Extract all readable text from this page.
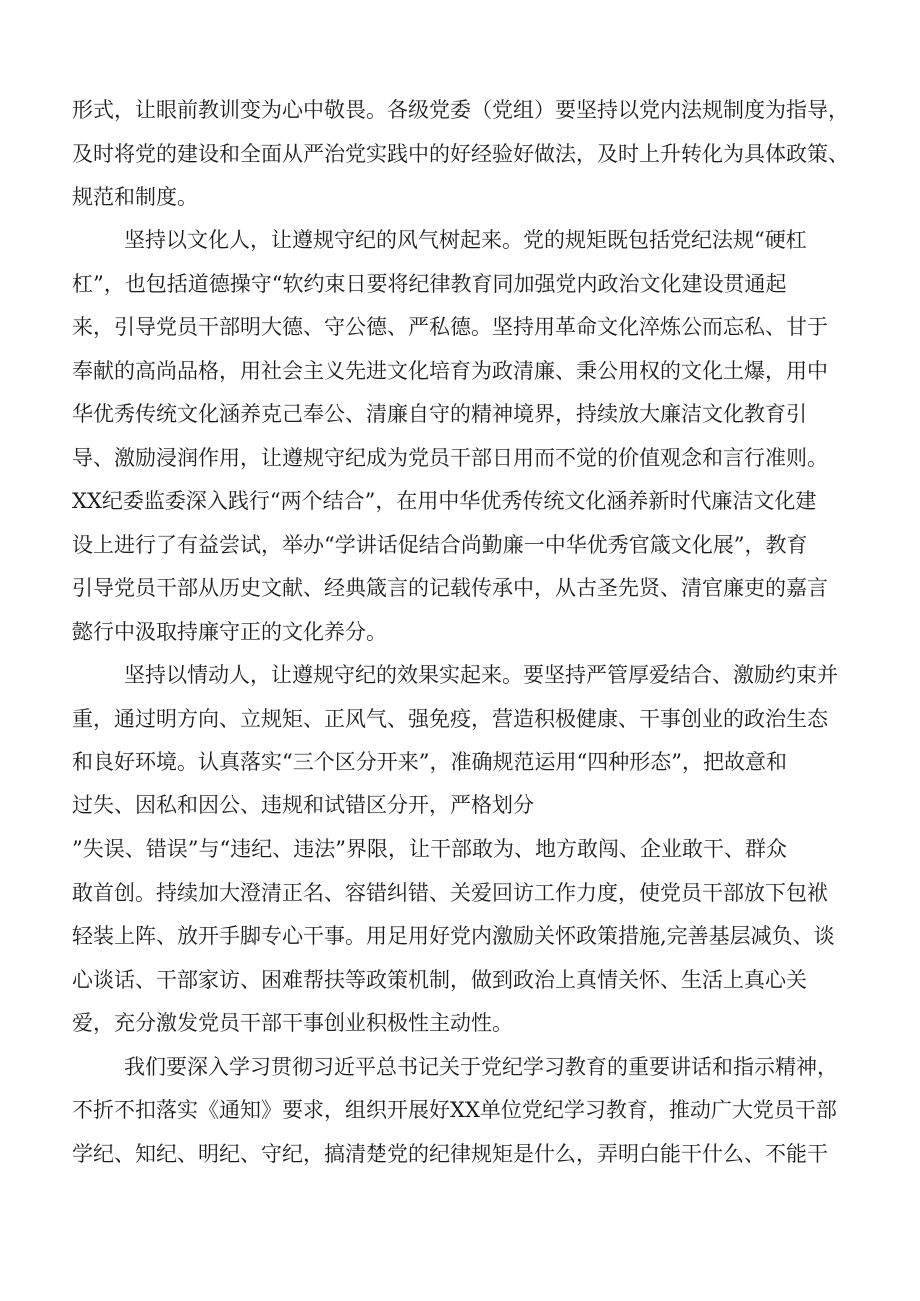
形式，让眼前教训变为心中敬畏。各级党委（党组）要坚持以党内法规制度为指导，
及时将党的建设和全面从严治党实践中的好经验好做法，及时上升转化为具体政策、
规范和制度。
坚持以文化人，让遵规守纪的风气树起来。党的规矩既包括党纪法规“硬杠
杠”，也包括道德操守“软约束日要将纪律教育同加强党内政治文化建设贯通起
来，引导党员干部明大德、守公德、严私德。坚持用革命文化淬炼公而忘私、甘于
奉献的高尚品格，用社会主义先进文化培育为政清廉、秉公用权的文化土爆，用中
华优秀传统文化涵养克己奉公、清廉自守的精神境界，持续放大廉洁文化教育引
导、激励浸润作用，让遵规守纪成为党员干部日用而不觉的价值观念和言行准则。
XX纪委监委深入践行“两个结合”，在用中华优秀传统文化涵养新时代廉洁文化建
设上进行了有益尝试，举办“学讲话促结合尚勤廉一中华优秀官箴文化展”，教育
引导党员干部从历史文献、经典箴言的记载传承中，从古圣先贤、清官廉吏的嘉言
懿行中汲取持廉守正的文化养分。
坚持以情动人，让遵规守纪的效果实起来。要坚持严管厚爱结合、激励约束并
重，通过明方向、立规矩、正风气、强免疫，营造积极健康、干事创业的政治生态
和良好环境。认真落实“三个区分开来”，准确规范运用“四种形态”，把故意和
过失、因私和因公、违规和试错区分开，严格划分
”失误、错误”与“违纪、违法”界限，让干部敢为、地方敢闯、企业敢干、群众
敢首创。持续加大澄清正名、容错纠错、关爱回访工作力度，使党员干部放下包袱
轻装上阵、放开手脚专心干事。用足用好党内激励关怀政策措施,完善基层减负、谈
心谈话、干部家访、困难帮扶等政策机制，做到政治上真情关怀、生活上真心关
爱，充分激发党员干部干事创业积极性主动性。
我们要深入学习贯彻习近平总书记关于党纪学习教育的重要讲话和指示精神，
不折不扣落实《通知》要求，组织开展好XX单位党纪学习教育，推动广大党员干部
学纪、知纪、明纪、守纪，搞清楚党的纪律规矩是什么，弄明白能干什么、不能干
